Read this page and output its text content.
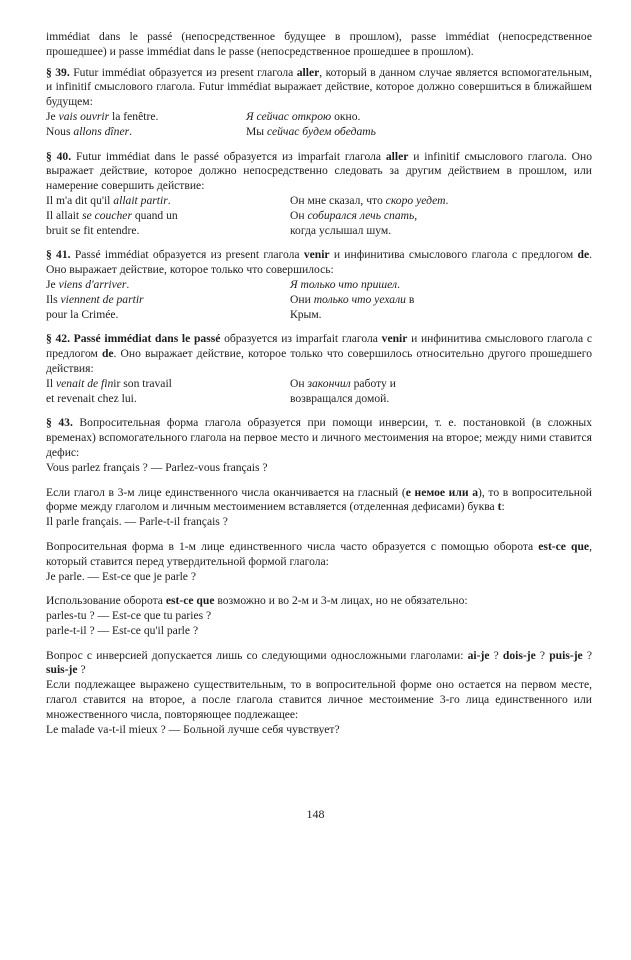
immédiat dans le passé (непосредственное будущее в прошлом), passe immédiat (непосредственное прошедшее) и passe immédiat dans le passe (непосредственное прошедшее в прошлом).

§ 39. Futur immédiat образуется из present глагола aller, который в данном случае является вспомогательным, и infinitif смыслового глагола. Futur immédiat выражает действие, которое должно совершиться в ближайшем будущем:

Je vais ouvrir la fenêtre.	Я сейчас открою окно.
Nous allons dîner.	Мы сейчас будем обедать

§ 40. Futur immédiat dans le passé образуется из imparfait глагола aller и infinitif смыслового глагола. Оно выражает действие, которое должно непосредственно следовать за другим действием в прошлом, или намерение совершить действие:

Il m'a dit qu'il allait partir.	Он мне сказал, что скоро уедет.
Il allait se coucher quand un	Он собирался лечь спать,
bruit se fit entendre.	когда услышал шум.

§ 41. Passé immédiat образуется из present глагола venir и инфинитива смыслового глагола с предлогом de. Оно выражает действие, которое только что совершилось:

Je viens d'arriver.	Я только что пришел.
Ils viennent de partir	Они только что уехали в
pour la Crimée.	Крым.

§ 42. Passé immédiat dans le passé образуется из imparfait глагола venir и инфинитива смыслового глагола с предлогом de. Оно выражает действие, которое только что совершилось относительно другого прошедшего действия:

Il venait de finir son travail	Он закончил работу и
et revenait chez lui.	возвращался домой.

§ 43. Вопросительная форма глагола образуется при помощи инверсии, т. е. постановкой (в сложных временах) вспомогательного глагола на первое место и личного местоимения на второе; между ними ставится дефис:

Vous parlez français ? — Parlez-vous français ?

Если глагол в 3-м лице единственного числа оканчивается на гласный (е немое или а), то в вопросительной форме между глаголом и личным местоимением вставляется (отделенная дефисами) буква t:

Il parle français. — Parle-t-il français ?

Вопросительная форма в 1-м лице единственного числа часто образуется с помощью оборота est-ce que, который ставится перед утвердительной формой глагола:

Je parle. — Est-ce que je parle ?

Использование оборота est-ce que возможно и во 2-м и 3-м лицах, но не обязательно:

parles-tu ? — Est-ce que tu paries ?

parle-t-il ? — Est-ce qu'il parle ?

Вопрос с инверсией допускается лишь со следующими односложными глаголами: ai-je ? dois-je ? puis-je ? suis-je ?

Если подлежащее выражено существительным, то в вопросительной форме оно остается на первом месте, глагол ставится на второе, а после глагола ставится личное местоимение 3-го лица единственного или множественного числа, повторяющее подлежащее:

Le malade va-t-il mieux ? — Больной лучше себя чувствует?

148
